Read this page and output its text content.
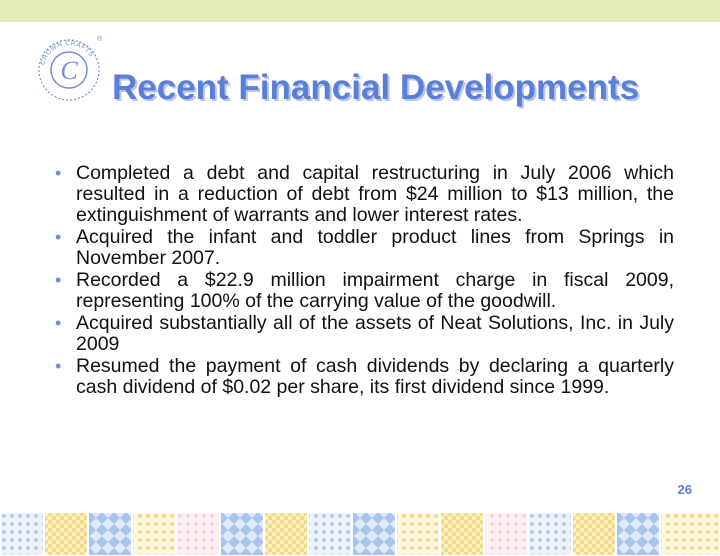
CROWN CRAFTS
C
®
Recent Financial Developments
• Completed a debt and capital restructuring in July 2006 which resulted in a reduction of debt from $24 million to $13 million, the extinguishment of warrants and lower interest rates.
• Acquired the infant and toddler product lines from Springs in November 2007.
• Recorded a $22.9 million impairment charge in fiscal 2009, representing 100% of the carrying value of the goodwill.
• Acquired substantially all of the assets of Neat Solutions, Inc. in July 2009
• Resumed the payment of cash dividends by declaring a quarterly cash dividend of $0.02 per share, its first dividend since 1999.
26
